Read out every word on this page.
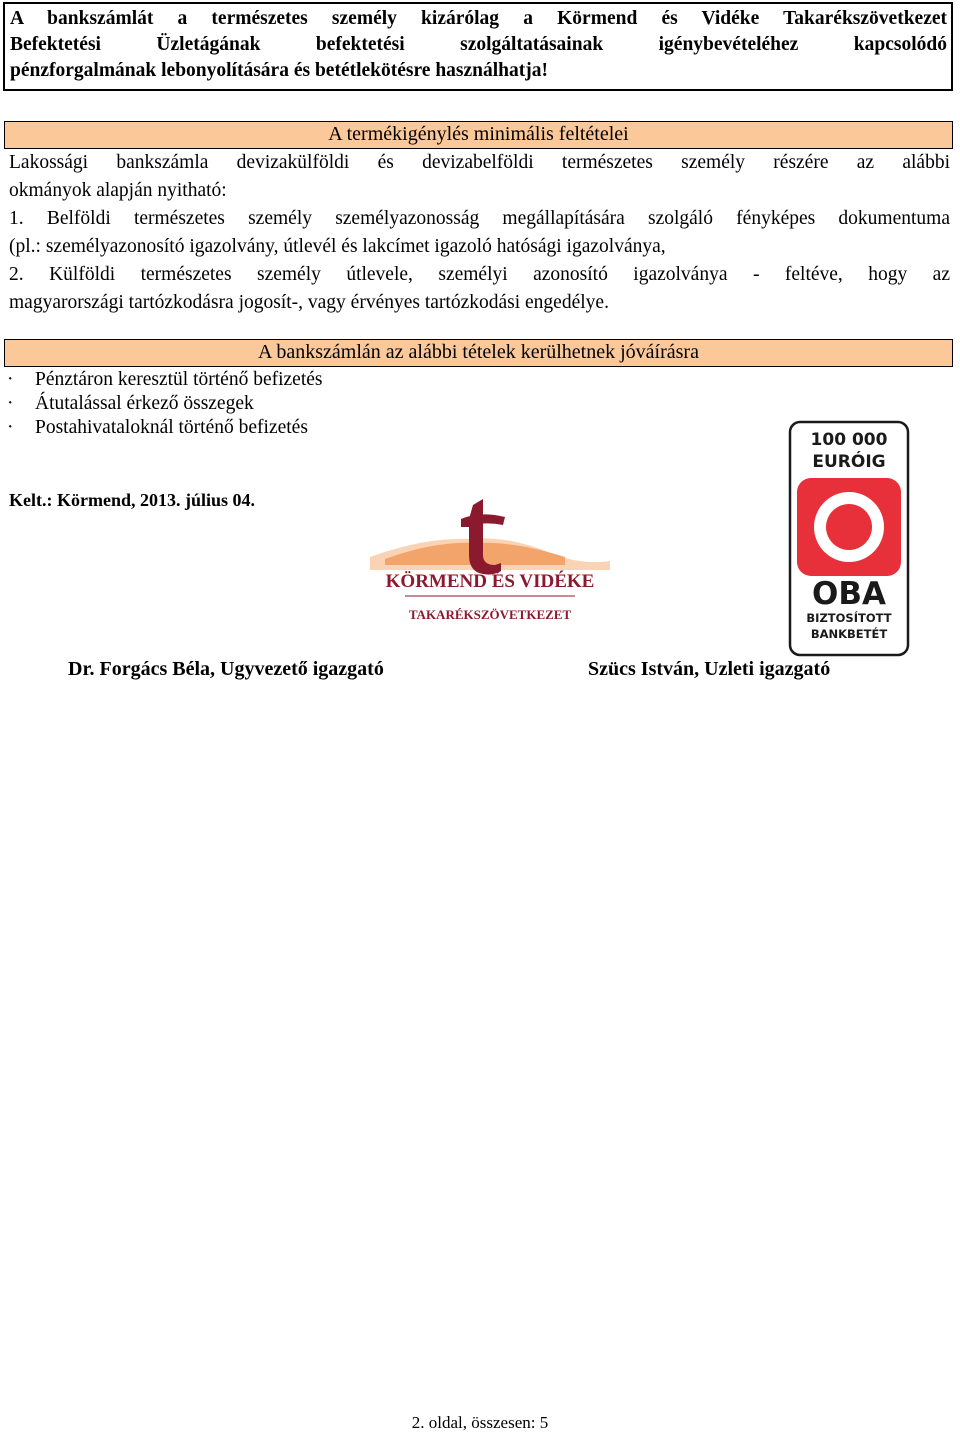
A bankszámlát a természetes személy kizárólag a Körmend és Vidéke Takarékszövetkezet
Befektetési Üzletágának befektetési szolgáltatásainak igénybevételéhez kapcsolódó
pénzforgalmának lebonyolítására és betétlekötésre használhatja!
A termékigénylés minimális feltételei
Lakossági bankszámla devizakülföldi és devizabelföldi természetes személy részére az alábbi
okmányok alapján nyitható:
1. Belföldi természetes személy személyazonosság megállapítására szolgáló fényképes dokumentuma
(pl.: személyazonosító igazolvány, útlevél és lakcímet igazoló hatósági igazolványa,
2. Külföldi természetes személy útlevele, személyi azonosító igazolványa - feltéve, hogy az
magyarországi tartózkodásra jogosít-, vagy érvényes tartózkodási engedélye.
A bankszámlán az alábbi tételek kerülhetnek jóváírásra
· Pénztáron keresztül történő befizetés
· Átutalással érkező összegek
· Postahivataloknál történő befizetés
Kelt.: Körmend, 2013. július 04.
KÖRMEND ÉS VIDÉKE
TAKARÉKSZÖVETKEZET
100 000
EURÓIG
OBA
BIZTOSÍTOTT
BANKBETÉT
Dr. Forgács Béla, Ugyvezető igazgató	Szücs István, Uzleti igazgató
2. oldal, összesen: 5
